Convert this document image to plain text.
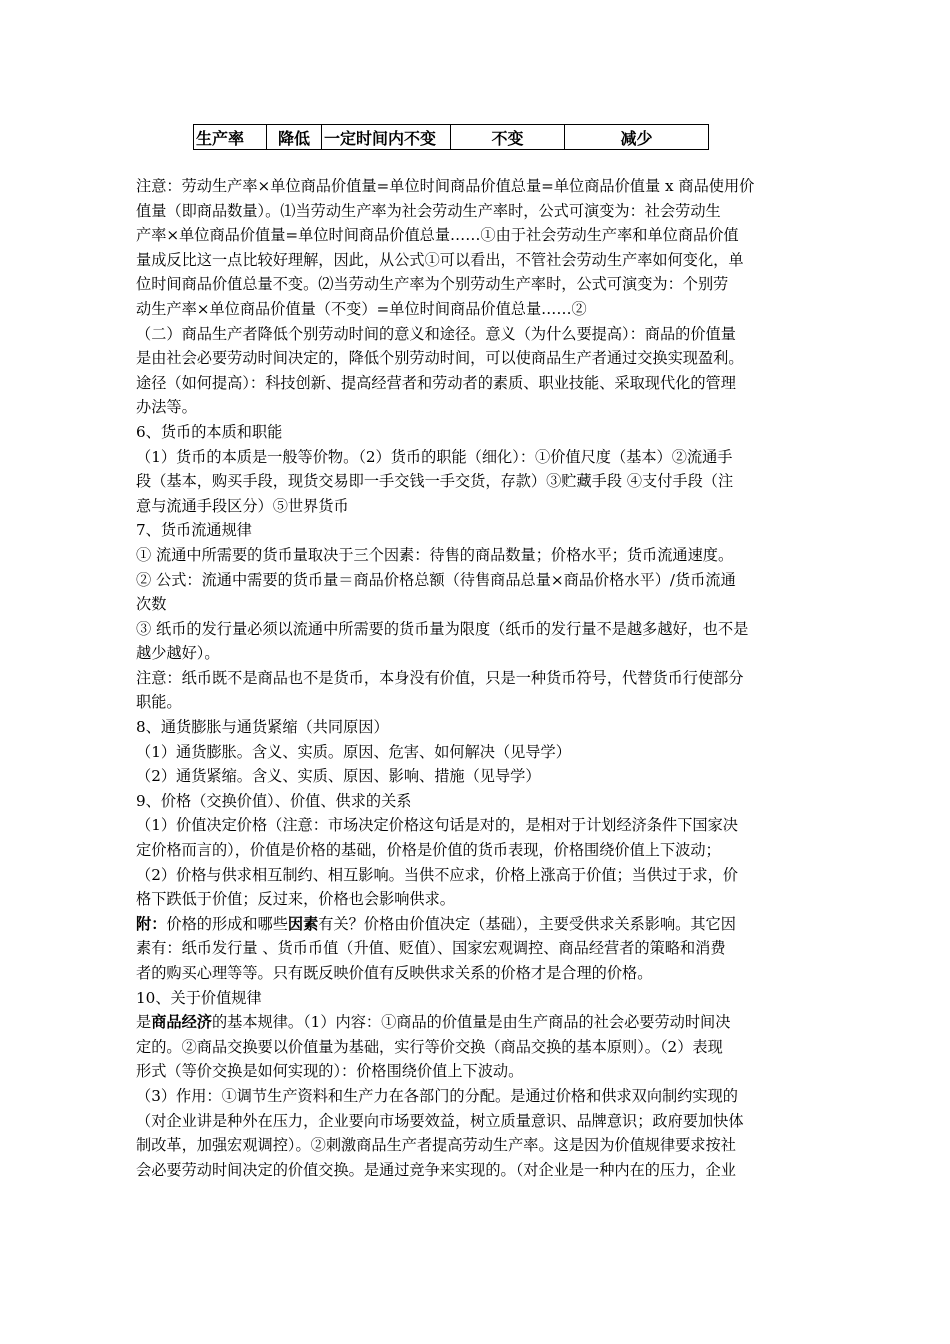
生产率	降低	一定时间内不变	不变	减少

注意：劳动生产率×单位商品价值量=单位时间商品价值总量=单位商品价值量 x 商品使用价

值量（即商品数量）。⑴当劳动生产率为社会劳动生产率时，公式可演变为：社会劳动生

产率×单位商品价值量=单位时间商品价值总量……①由于社会劳动生产率和单位商品价值

量成反比这一点比较好理解，因此，从公式①可以看出，不管社会劳动生产率如何变化，单

位时间商品价值总量不变。⑵当劳动生产率为个别劳动生产率时，公式可演变为：个别劳

动生产率×单位商品价值量（不变）=单位时间商品价值总量……②

（二）商品生产者降低个别劳动时间的意义和途径。意义（为什么要提高）：商品的价值量

是由社会必要劳动时间决定的，降低个别劳动时间，可以使商品生产者通过交换实现盈利。

途径（如何提高）：科技创新、提高经营者和劳动者的素质、职业技能、采取现代化的管理

办法等。

6、货币的本质和职能

（1）货币的本质是一般等价物。（2）货币的职能（细化）：①价值尺度（基本）②流通手

段（基本，购买手段，现货交易即一手交钱一手交货，存款）③贮藏手段 ④支付手段（注

意与流通手段区分）⑤世界货币

7、货币流通规律

① 流通中所需要的货币量取决于三个因素：待售的商品数量；价格水平；货币流通速度。

② 公式：流通中需要的货币量＝商品价格总额（待售商品总量×商品价格水平）/货币流通

次数

③ 纸币的发行量必须以流通中所需要的货币量为限度（纸币的发行量不是越多越好，也不是

越少越好）。

注意：纸币既不是商品也不是货币，本身没有价值，只是一种货币符号，代替货币行使部分

职能。

8、通货膨胀与通货紧缩（共同原因）

（1）通货膨胀。含义、实质。原因、危害、如何解决（见导学）

（2）通货紧缩。含义、实质、原因、影响、措施（见导学）

9、价格（交换价值）、价值、供求的关系

（1）价值决定价格（注意：市场决定价格这句话是对的，是相对于计划经济条件下国家决

定价格而言的），价值是价格的基础，价格是价值的货币表现，价格围绕价值上下波动；

（2）价格与供求相互制约、相互影响。当供不应求，价格上涨高于价值；当供过于求，价

格下跌低于价值；反过来，价格也会影响供求。

附：价格的形成和哪些因素有关？价格由价值决定（基础），主要受供求关系影响。其它因

素有：纸币发行量 、货币币值（升值、贬值）、国家宏观调控、商品经营者的策略和消费

者的购买心理等等。只有既反映价值有反映供求关系的价格才是合理的价格。

10、关于价值规律

是商品经济的基本规律。（1）内容：①商品的价值量是由生产商品的社会必要劳动时间决

定的。②商品交换要以价值量为基础，实行等价交换（商品交换的基本原则）。（2）表现

形式（等价交换是如何实现的）：价格围绕价值上下波动。

（3）作用：①调节生产资料和生产力在各部门的分配。是通过价格和供求双向制约实现的

（对企业讲是种外在压力，企业要向市场要效益，树立质量意识、品牌意识；政府要加快体

制改革，加强宏观调控）。②刺激商品生产者提高劳动生产率。这是因为价值规律要求按社

会必要劳动时间决定的价值交换。是通过竞争来实现的。（对企业是一种内在的压力，企业
